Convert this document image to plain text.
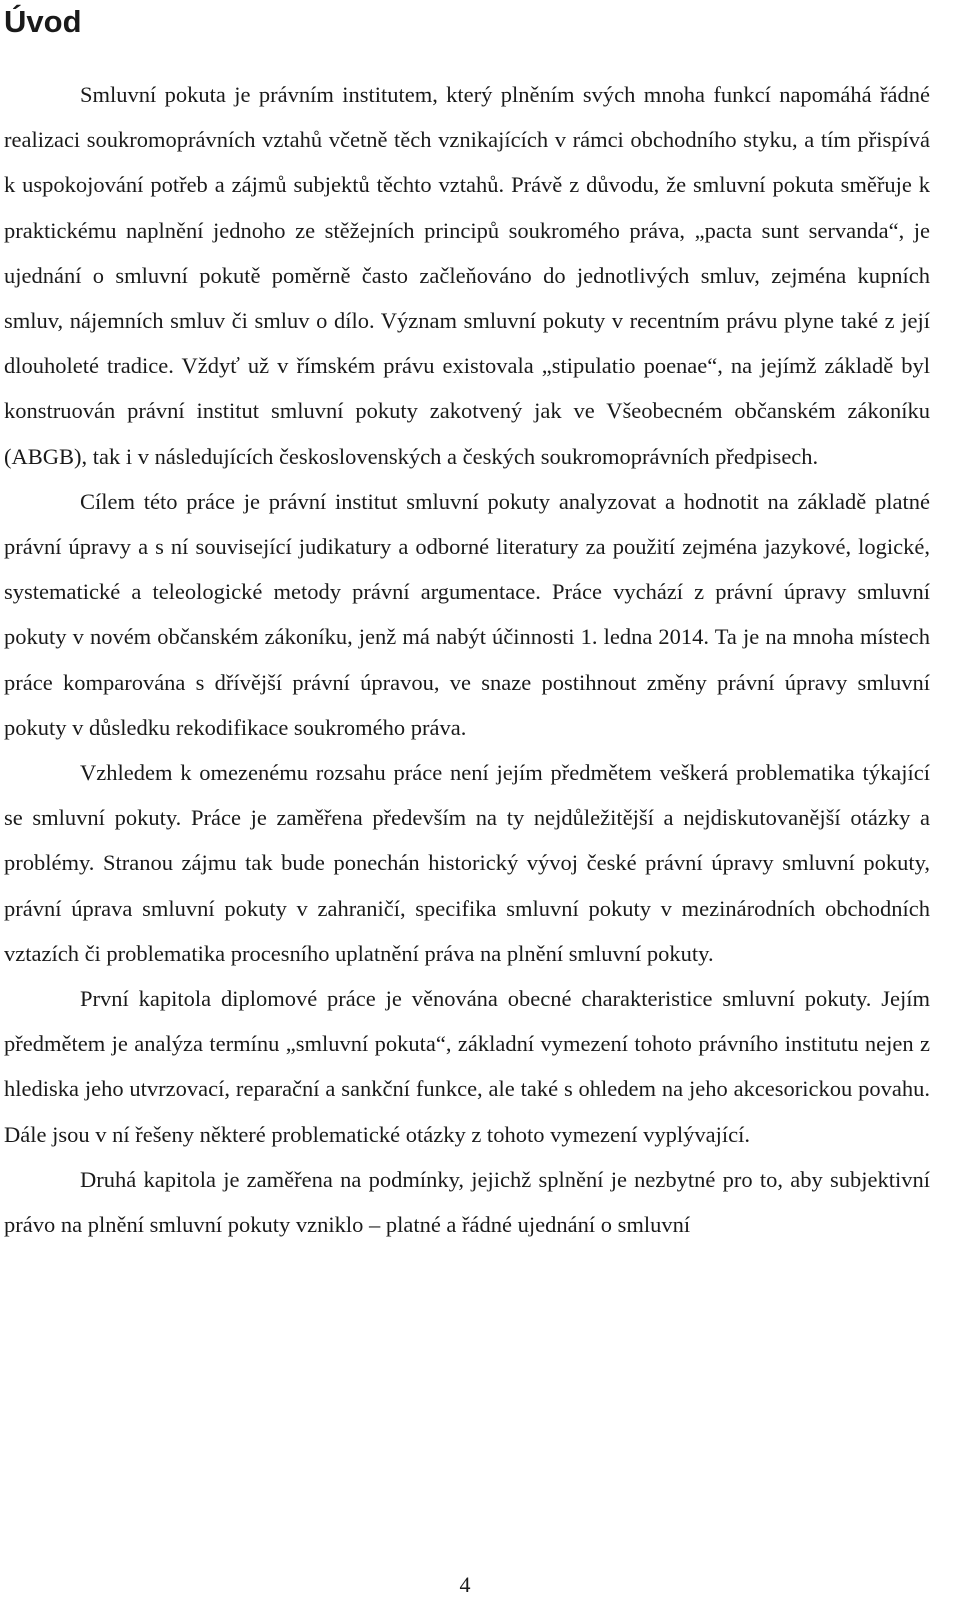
Úvod

Smluvní pokuta je právním institutem, který plněním svých mnoha funkcí napomáhá řádné realizaci soukromoprávních vztahů včetně těch vznikajících v rámci obchodního styku, a tím přispívá k uspokojování potřeb a zájmů subjektů těchto vztahů. Právě z důvodu, že smluvní pokuta směřuje k praktickému naplnění jednoho ze stěžejních principů soukromého práva, „pacta sunt servanda“, je ujednání o smluvní pokutě poměrně často začleňováno do jednotlivých smluv, zejména kupních smluv, nájemních smluv či smluv o dílo. Význam smluvní pokuty v recentním právu plyne také z její dlouholeté tradice. Vždyť už v římském právu existovala „stipulatio poenae“, na jejímž základě byl konstruován právní institut smluvní pokuty zakotvený jak ve Všeobecném občanském zákoníku (ABGB), tak i v následujících československých a českých soukromoprávních předpisech.

Cílem této práce je právní institut smluvní pokuty analyzovat a hodnotit na základě platné právní úpravy a s ní související judikatury a odborné literatury za použití zejména jazykové, logické, systematické a teleologické metody právní argumentace. Práce vychází z právní úpravy smluvní pokuty v novém občanském zákoníku, jenž má nabýt účinnosti 1. ledna 2014. Ta je na mnoha místech práce komparována s dřívější právní úpravou, ve snaze postihnout změny právní úpravy smluvní pokuty v důsledku rekodifikace soukromého práva.

Vzhledem k omezenému rozsahu práce není jejím předmětem veškerá problematika týkající se smluvní pokuty. Práce je zaměřena především na ty nejdůležitější a nejdiskutovanější otázky a problémy. Stranou zájmu tak bude ponechán historický vývoj české právní úpravy smluvní pokuty, právní úprava smluvní pokuty v zahraničí, specifika smluvní pokuty v mezinárodních obchodních vztazích či problematika procesního uplatnění práva na plnění smluvní pokuty.

První kapitola diplomové práce je věnována obecné charakteristice smluvní pokuty. Jejím předmětem je analýza termínu „smluvní pokuta“, základní vymezení tohoto právního institutu nejen z hlediska jeho utvrzovací, reparační a sankční funkce, ale také s ohledem na jeho akcesorickou povahu. Dále jsou v ní řešeny některé problematické otázky z tohoto vymezení vyplývající.

Druhá kapitola je zaměřena na podmínky, jejichž splnění je nezbytné pro to, aby subjektivní právo na plnění smluvní pokuty vzniklo – platné a řádné ujednání o smluvní

4
